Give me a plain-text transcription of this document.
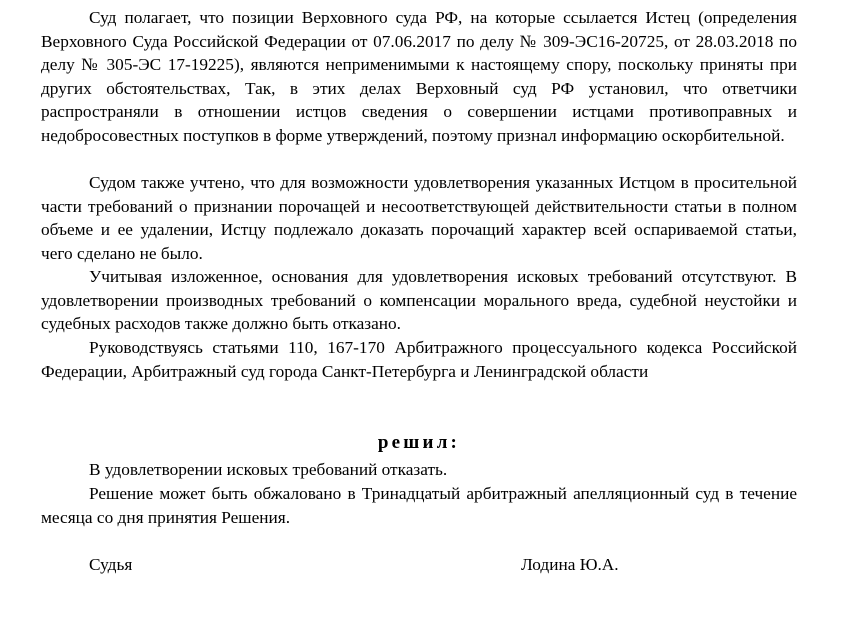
Суд полагает, что позиции Верховного суда РФ, на которые ссылается Истец (определения Верховного Суда Российской Федерации от 07.06.2017 по делу № 309-ЭС16-20725, от 28.03.2018 по делу № 305-ЭС 17-19225), являются неприменимыми к настоящему спору, поскольку приняты при других обстоятельствах, Так, в этих делах Верховный суд РФ установил, что ответчики распространяли в отношении истцов сведения о совершении истцами противоправных и недобросовестных поступков в форме утверждений, поэтому признал информацию оскорбительной.

Судом также учтено, что для возможности удовлетворения указанных Истцом в просительной части требований о признании порочащей и несоответствующей действительности статьи в полном объеме и ее удалении, Истцу подлежало доказать порочащий характер всей оспариваемой статьи, чего сделано не было.

Учитывая изложенное, основания для удовлетворения исковых требований отсутствуют. В удовлетворении производных требований о компенсации морального вреда, судебной неустойки и судебных расходов также должно быть отказано.

Руководствуясь статьями 110, 167-170 Арбитражного процессуального кодекса Российской Федерации, Арбитражный суд города Санкт-Петербурга и Ленинградской области

решил:

В удовлетворении исковых требований отказать.

Решение может быть обжаловано в Тринадцатый арбитражный апелляционный суд в течение месяца со дня принятия Решения.

Судья	Лодина Ю.А.
